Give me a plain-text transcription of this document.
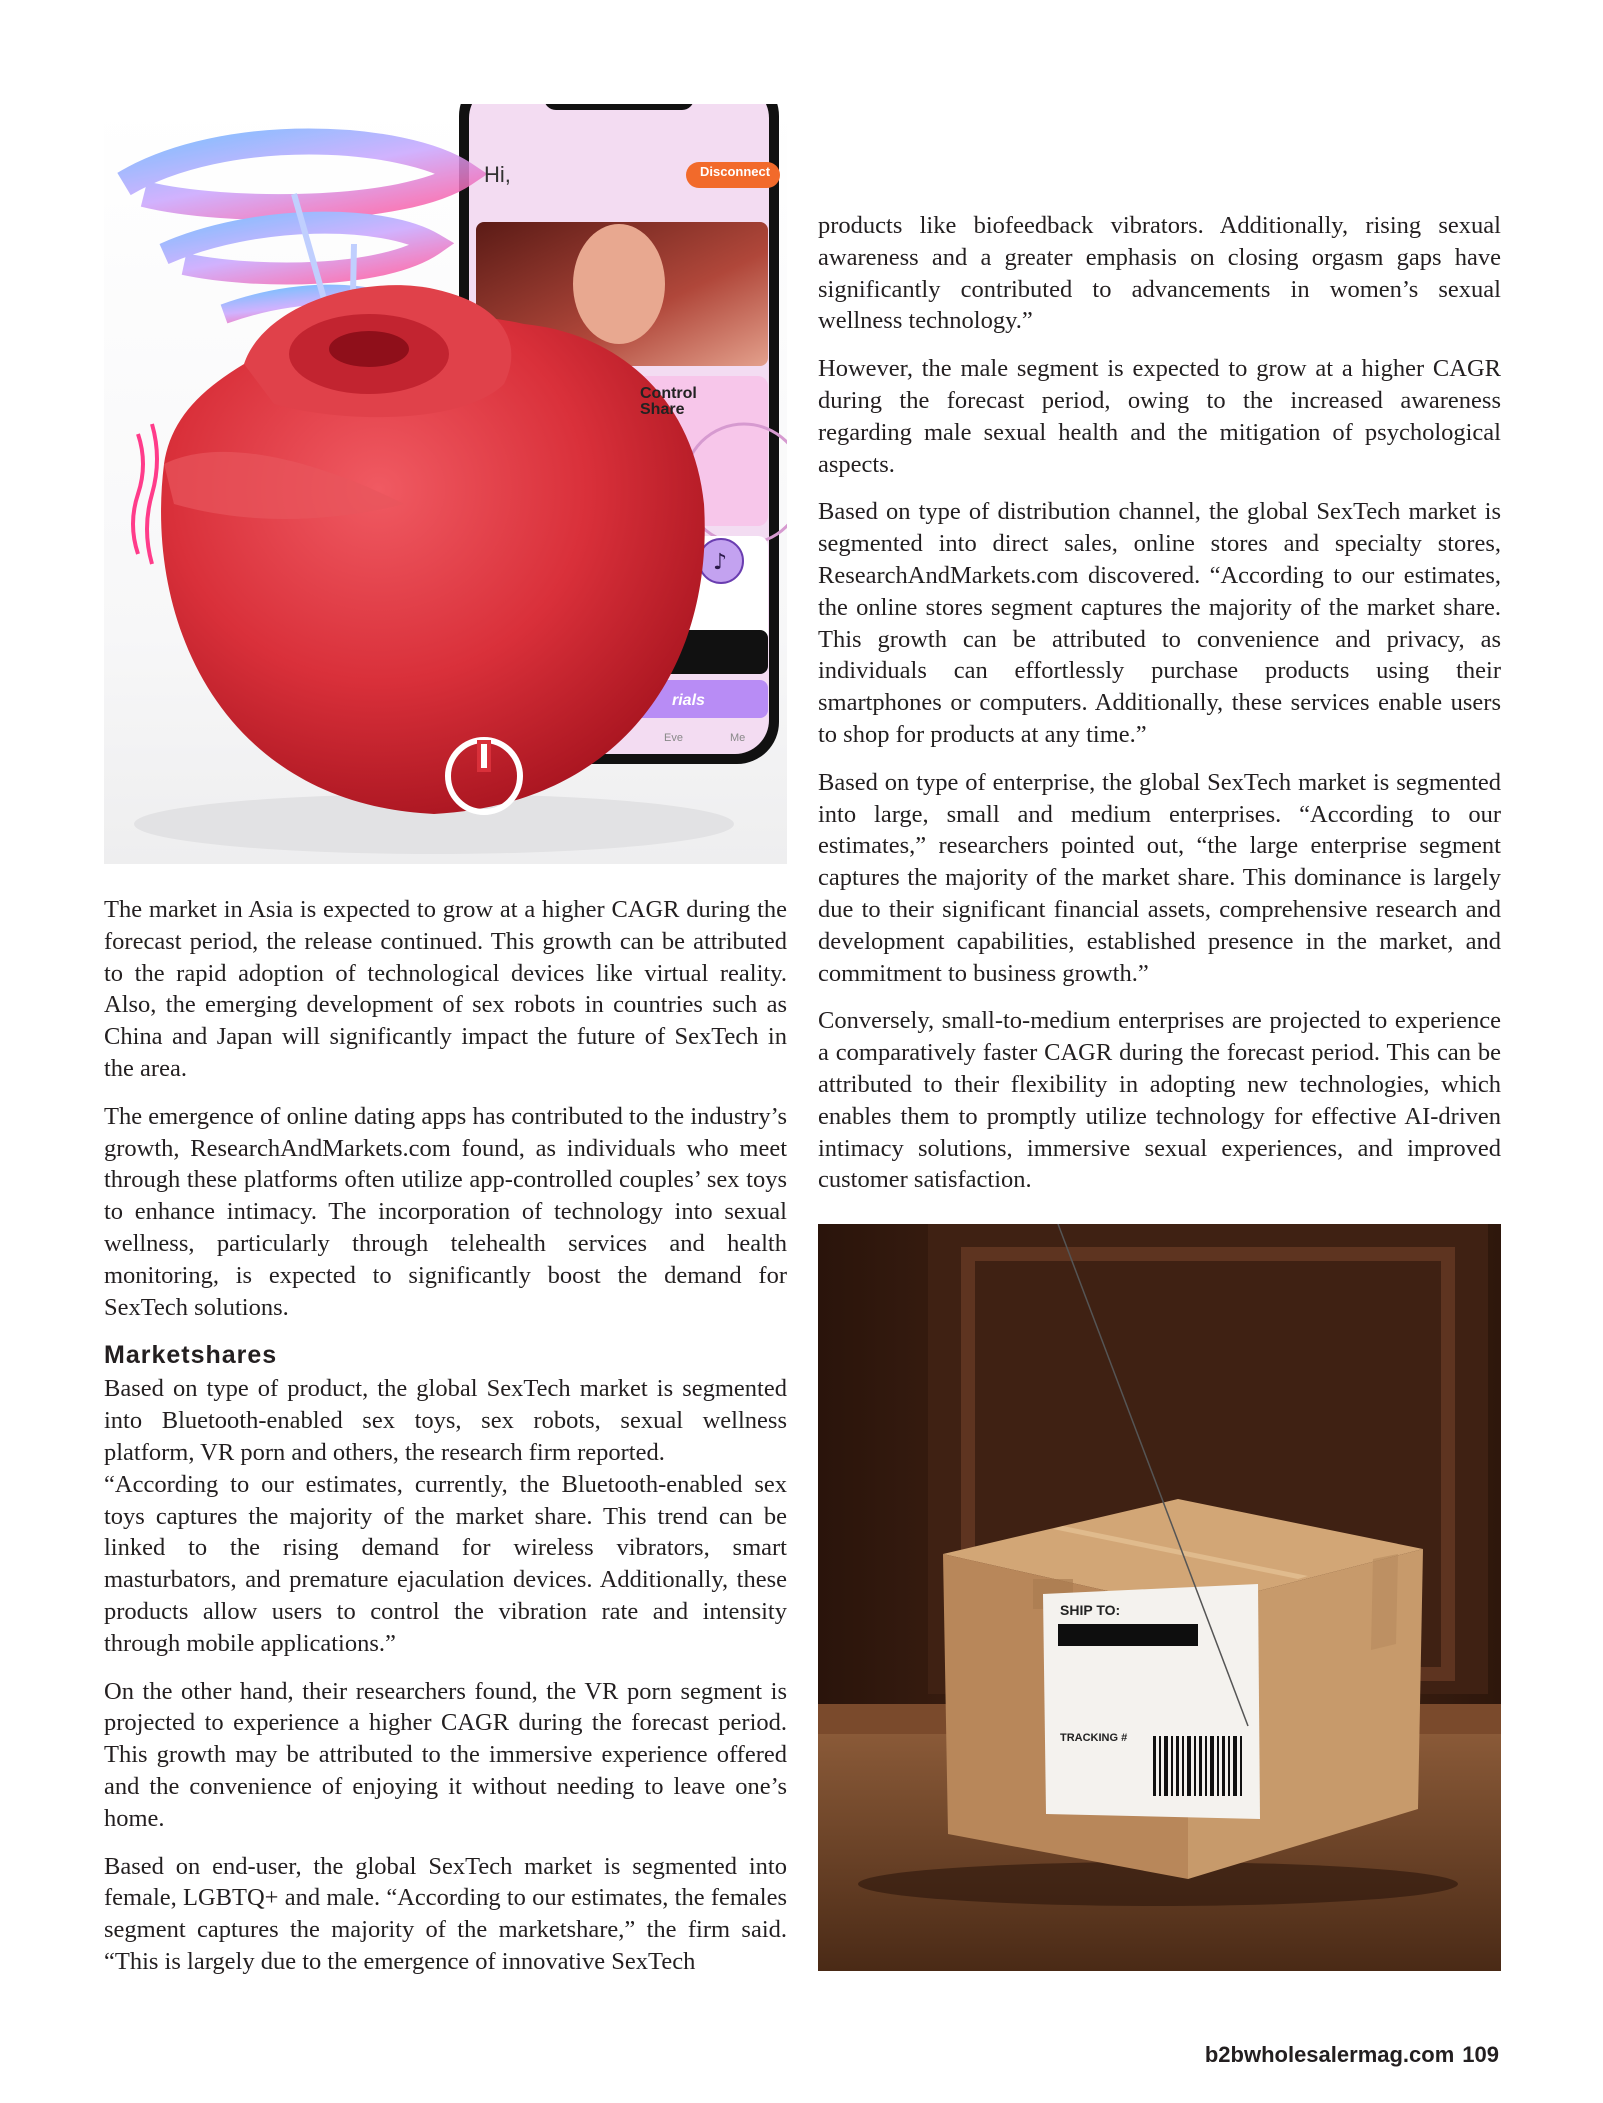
♪
Hi,	Disconnect
Control Share
rials
Eve	Me

The market in Asia is expected to grow at a higher CAGR during the forecast period, the release continued. This growth can be attributed to the rapid adoption of technological devices like virtual reality. Also, the emerging development of sex robots in countries such as China and Japan will significantly impact the future of SexTech in the area.

The emergence of online dating apps has contributed to the industry’s growth, ResearchAndMarkets.com found, as individuals who meet through these platforms often utilize app-controlled couples’ sex toys to enhance intimacy. The incorporation of technology into sexual wellness, particularly through telehealth services and health monitoring, is expected to significantly boost the demand for SexTech solutions.

Marketshares

Based on type of product, the global SexTech market is segmented into Bluetooth-enabled sex toys, sex robots, sexual wellness platform, VR porn and others, the research firm reported.

“According to our estimates, currently, the Bluetooth-enabled sex toys captures the majority of the market share. This trend can be linked to the rising demand for wireless vibrators, smart masturbators, and premature ejaculation devices. Additionally, these products allow users to control the vibration rate and intensity through mobile applications.”

On the other hand, their researchers found, the VR porn segment is projected to experience a higher CAGR during the forecast period. This growth may be attributed to the immersive experience offered and the convenience of enjoying it without needing to leave one’s home.

Based on end-user, the global SexTech market is segmented into female, LGBTQ+ and male. “According to our estimates, the females segment captures the majority of the marketshare,” the firm said. “This is largely due to the emergence of innovative SexTech

products like biofeedback vibrators. Additionally, rising sexual awareness and a greater emphasis on closing orgasm gaps have significantly contributed to advancements in women’s sexual wellness technology.”

However, the male segment is expected to grow at a higher CAGR during the forecast period, owing to the increased awareness regarding male sexual health and the mitigation of psychological aspects.

Based on type of distribution channel, the global SexTech market is segmented into direct sales, online stores and specialty stores, ResearchAndMarkets.com discovered. “According to our estimates, the online stores segment captures the majority of the market share. This growth can be attributed to convenience and privacy, as individuals can effortlessly purchase products using their smartphones or computers. Additionally, these services enable users to shop for products at any time.”

Based on type of enterprise, the global SexTech market is segmented into large, small and medium enterprises. “According to our estimates,” researchers pointed out, “the large enterprise segment captures the majority of the market share. This dominance is largely due to their significant financial assets, comprehensive research and development capabilities, established presence in the market, and commitment to business growth.”

Conversely, small-to-medium enterprises are projected to experience a comparatively faster CAGR during the forecast period. This can be attributed to their flexibility in adopting new technologies, which enables them to promptly utilize technology for effective AI-driven intimacy solutions, immersive sexual experiences, and improved customer satisfaction.

SHIP TO:
TRACKING #
b2bwholesalermag.com 109
